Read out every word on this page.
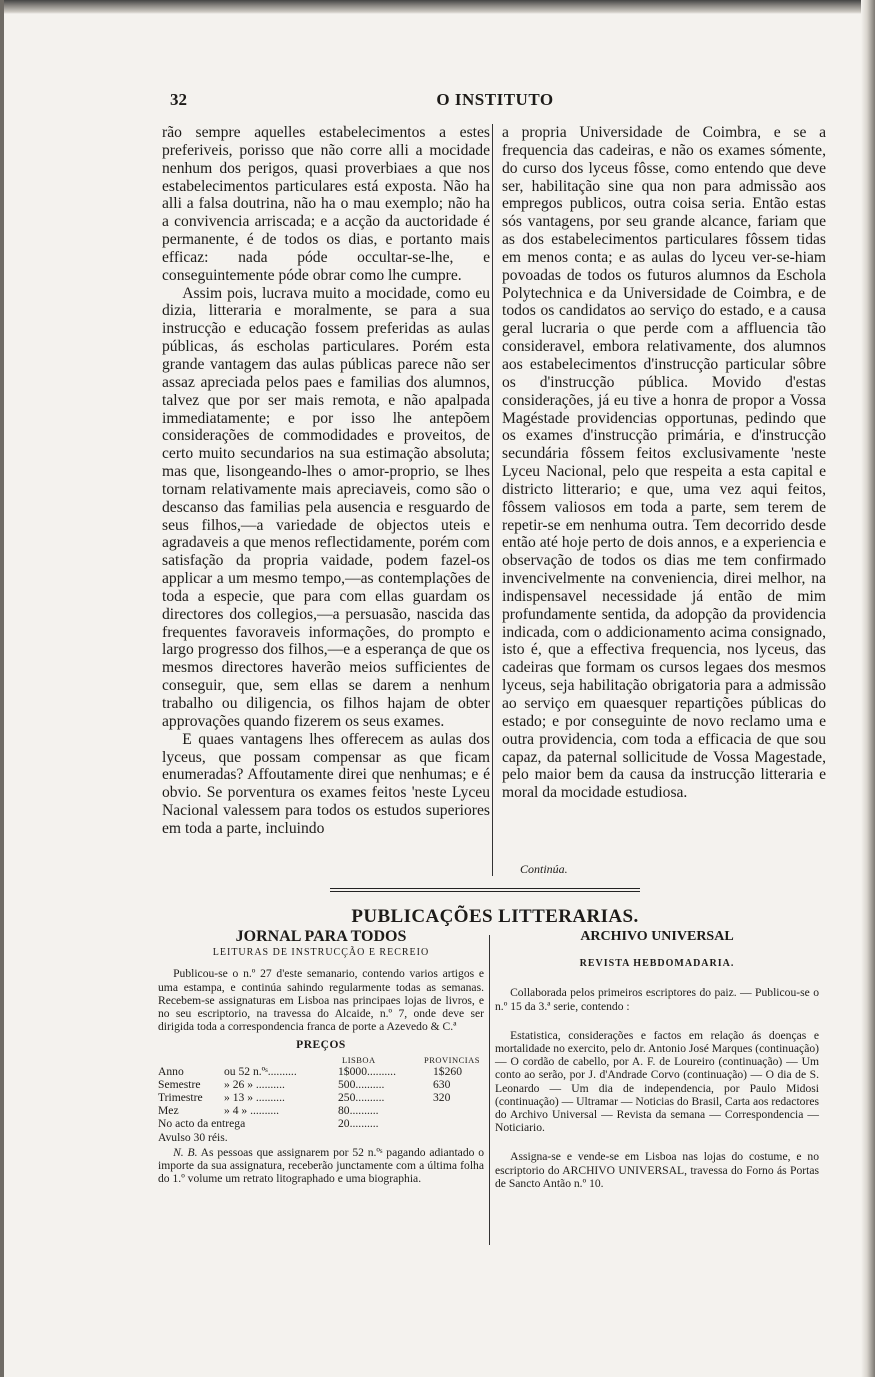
32	O INSTITUTO

rão sempre aquelles estabelecimentos a estes preferiveis, porisso que não corre alli a mocidade nenhum dos perigos, quasi proverbiaes a que nos estabelecimentos particulares está exposta. Não ha alli a falsa doutrina, não ha o mau exemplo; não ha a convivencia arriscada; e a acção da auctoridade é permanente, é de todos os dias, e portanto mais efficaz: nada póde occultar-se-lhe, e conseguintemente póde obrar como lhe cumpre.

Assim pois, lucrava muito a mocidade, como eu dizia, litteraria e moralmente, se para a sua instrucção e educação fossem preferidas as aulas públicas, ás escholas particulares. Porém esta grande vantagem das aulas públicas parece não ser assaz apreciada pelos paes e familias dos alumnos, talvez que por ser mais remota, e não apalpada immediatamente; e por isso lhe antepõem considerações de commodidades e proveitos, de certo muito secundarios na sua estimação absoluta; mas que, lisongeando-lhes o amor-proprio, se lhes tornam relativamente mais apreciaveis, como são o descanso das familias pela ausencia e resguardo de seus filhos,—a variedade de objectos uteis e agradaveis a que menos reflectidamente, porém com satisfação da propria vaidade, podem fazel-os applicar a um mesmo tempo,—as contemplações de toda a especie, que para com ellas guardam os directores dos collegios,—a persuasão, nascida das frequentes favoraveis informações, do prompto e largo progresso dos filhos,—e a esperança de que os mesmos directores haverão meios sufficientes de conseguir, que, sem ellas se darem a nenhum trabalho ou diligencia, os filhos hajam de obter approvações quando fizerem os seus exames.

E quaes vantagens lhes offerecem as aulas dos lyceus, que possam compensar as que ficam enumeradas? Affoutamente direi que nenhumas; e é obvio. Se porventura os exames feitos 'neste Lyceu Nacional valessem para todos os estudos superiores em toda a parte, incluindo

a propria Universidade de Coimbra, e se a frequencia das cadeiras, e não os exames sómente, do curso dos lyceus fôsse, como entendo que deve ser, habilitação sine qua non para admissão aos empregos publicos, outra coisa seria. Então estas sós vantagens, por seu grande alcance, fariam que as dos estabelecimentos particulares fôssem tidas em menos conta; e as aulas do lyceu ver-se-hiam povoadas de todos os futuros alumnos da Eschola Polytechnica e da Universidade de Coimbra, e de todos os candidatos ao serviço do estado, e a causa geral lucraria o que perde com a affluencia tão consideravel, embora relativamente, dos alumnos aos estabelecimentos d'instrucção particular sôbre os d'instrucção pública. Movido d'estas considerações, já eu tive a honra de propor a Vossa Magéstade providencias opportunas, pedindo que os exames d'instrucção primária, e d'instrucção secundária fôssem feitos exclusivamente 'neste Lyceu Nacional, pelo que respeita a esta capital e districto litterario; e que, uma vez aqui feitos, fôssem valiosos em toda a parte, sem terem de repetir-se em nenhuma outra. Tem decorrido desde então até hoje perto de dois annos, e a experiencia e observação de todos os dias me tem confirmado invencivelmente na conveniencia, direi melhor, na indispensavel necessidade já então de mim profundamente sentida, da adopção da providencia indicada, com o addicionamento acima consignado, isto é, que a effectiva frequencia, nos lyceus, das cadeiras que formam os cursos legaes dos mesmos lyceus, seja habilitação obrigatoria para a admissão ao serviço em quaesquer repartições públicas do estado; e por conseguinte de novo reclamo uma e outra providencia, com toda a efficacia de que sou capaz, da paternal sollicitude de Vossa Magestade, pelo maior bem da causa da instrucção litteraria e moral da mocidade estudiosa.

Continúa.
PUBLICAÇÕES LITTERARIAS.
JORNAL PARA TODOS
LEITURAS DE INSTRUCÇÃO E RECREIO

Publicou-se o n.º 27 d'este semanario, contendo varios artigos e uma estampa, e continúa sahindo regularmente todas as semanas. Recebem-se assignaturas em Lisboa nas principaes lojas de livros, e no seu escriptorio, na travessa do Alcaide, n.º 7, onde deve ser dirigida toda a correspondencia franca de porte a Azevedo & C.ª

PREÇOS
LISBOA	PROVINCIAS
Anno	ou 52 n.ºˢ..........	1$000..........	1$260
Semestre » 26 » ..........	500..........	630
Trimestre » 13 » ..........	250..........	320
Mez	» 4 » ..........	80..........
No acto da entrega	20..........

Avulso 30 réis.

N. B. As pessoas que assignarem por 52 n.ºˢ pagando adiantado o importe da sua assignatura, receberão junctamente com a última folha do 1.º volume um retrato litographado e uma biographia.

ARCHIVO UNIVERSAL
REVISTA HEBDOMADARIA.

Collaborada pelos primeiros escriptores do paiz. — Publicou-se o n.º 15 da 3.ª serie, contendo :

Estatistica, considerações e factos em relação ás doenças e mortalidade no exercito, pelo dr. Antonio José Marques (continuação) — O cordão de cabello, por A. F. de Loureiro (continuação) — Um conto ao serão, por J. d'Andrade Corvo (continuação) — O dia de S. Leonardo — Um dia de independencia, por Paulo Midosi (continuação) — Ultramar — Noticias do Brasil, Carta aos redactores do Archivo Universal — Revista da semana — Correspondencia — Noticiario.

Assigna-se e vende-se em Lisboa nas lojas do costume, e no escriptorio do ARCHIVO UNIVERSAL, travessa do Forno ás Portas de Sancto Antão n.º 10.
